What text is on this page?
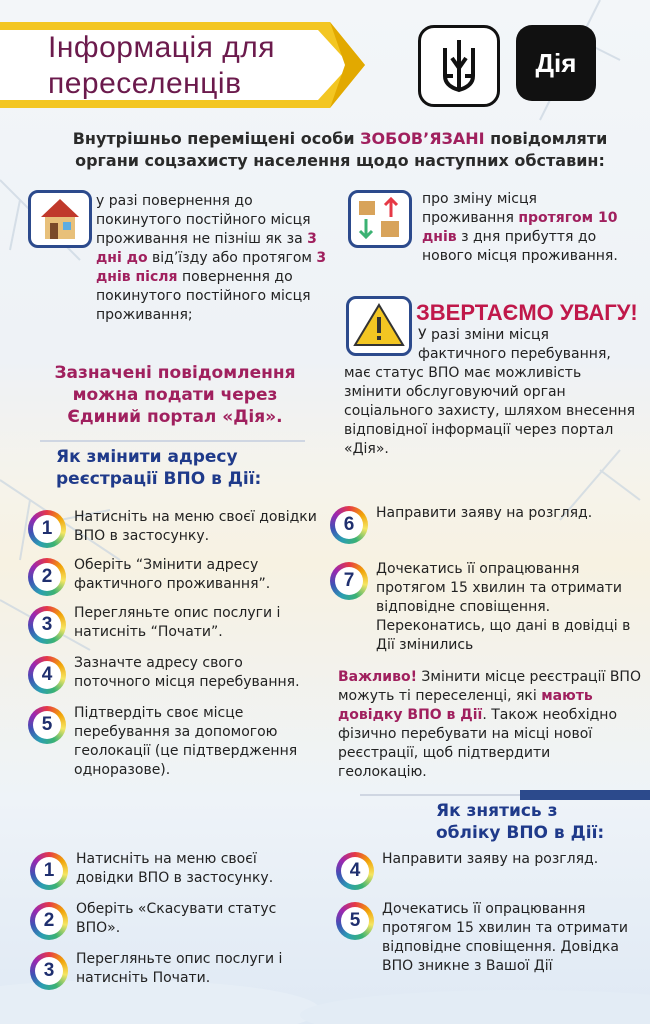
Інформація для
переселенців
Дія
Внутрішньо переміщені особи ЗОБОВ’ЯЗАНІ повідомляти органи соцзахисту населення щодо наступних обставин:
у разі повернення до покинутого постійного місця проживання не пізніш як за 3 дні до від’їзду або протягом 3 днів після повернення до покинутого постійного місця проживання;
про зміну місця проживання протягом 10 днів з дня прибуття до нового місця проживання.
Зазначені повідомлення
можна подати через
Єдиний портал «Дія».
ЗВЕРТАЄМО УВАГУ!
У разі зміни місця фактичного перебування,
має статус ВПО має можливість змінити обслуговуючий орган соціального захисту, шляхом внесення відповідної інформації через портал «Дія».
Як змінити адресу
реєстрації ВПО в Дії:
1
Натисніть на меню своєї довідки ВПО в застосунку.
2
Оберіть “Змінити адресу фактичного проживання”.
3
Перегляньте опис послуги і натисніть “Почати”.
4
Зазначте адресу свого поточного місця перебування.
5
Підтвердіть своє місце перебування за допомогою геолокації (це підтвердження одноразове).
6
Направити заяву на розгляд.
7
Дочекатись її опрацювання протягом 15 хвилин та отримати відповідне сповіщення. Переконатись, що дані в довідці в Дії змінились
Важливо! Змінити місце реєстрації ВПО можуть ті переселенці, які мають довідку ВПО в Дії. Також необхідно фізично перебувати на місці нової реєстрації, щоб підтвердити геолокацію.
Як знятись з
обліку ВПО в Дії:
1
Натисніть на меню своєї довідки ВПО в застосунку.
2
Оберіть «Скасувати статус ВПО».
3
Перегляньте опис послуги і натисніть Почати.
4
Направити заяву на розгляд.
5
Дочекатись її опрацювання протягом 15 хвилин та отримати відповідне сповіщення. Довідка ВПО зникне з Вашої Дії
